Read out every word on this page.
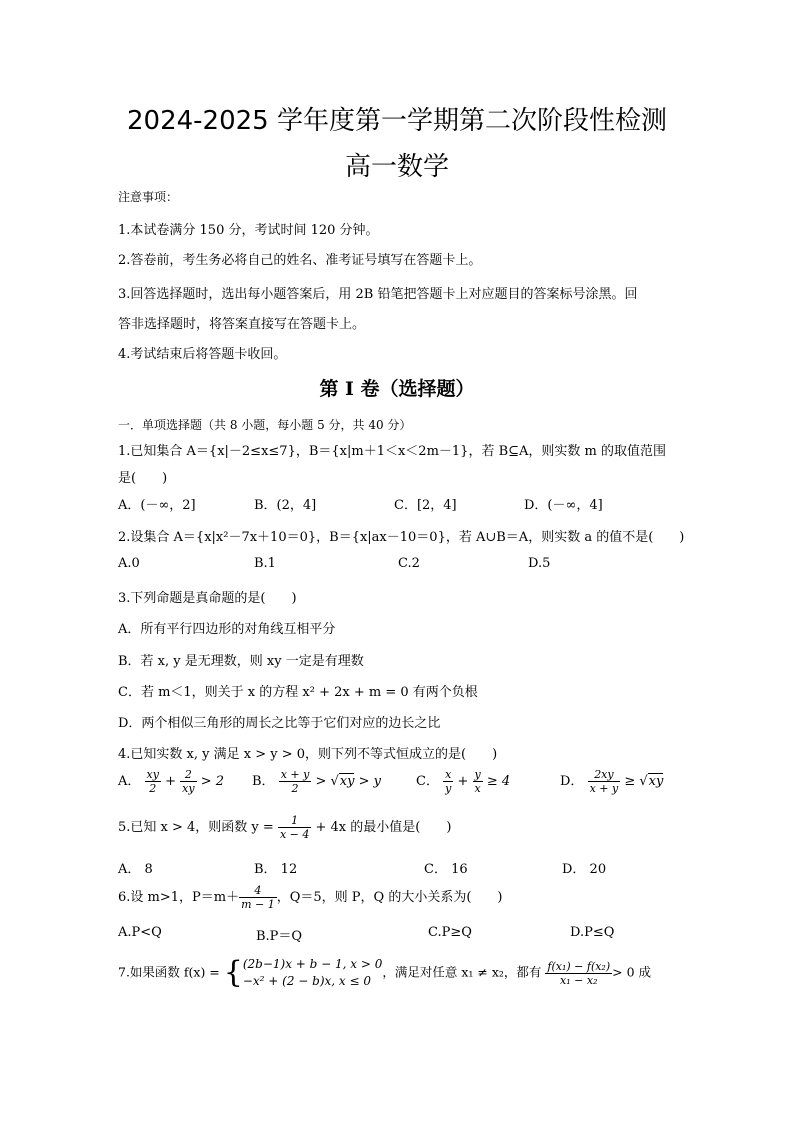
2024-2025 学年度第一学期第二次阶段性检测
高一数学
注意事项：
1.本试卷满分 150 分，考试时间 120 分钟。
2.答卷前，考生务必将自己的姓名、准考证号填写在答题卡上。
3.回答选择题时，选出每小题答案后，用 2B 铅笔把答题卡上对应题目的答案标号涂黑。回
答非选择题时，将答案直接写在答题卡上。
4.考试结束后将答题卡收回。
第 I 卷（选择题）
一．单项选择题（共 8 小题，每小题 5 分，共 40 分）
1.已知集合 A＝{x|－2≤x≤7}，B＝{x|m＋1＜x＜2m－1}，若 B⊆A，则实数 m 的取值范围
是(　　)
A．(－∞，2]	B．(2，4]	C．[2，4]	D．(－∞，4]
2.设集合 A＝{x|x²－7x＋10＝0}，B＝{x|ax－10＝0}，若 A∪B＝A，则实数 a 的值不是(　　)
A.0	B.1	C.2	D.5
3.下列命题是真命题的是(　　)
A．所有平行四边形的对角线互相平分
B．若 x, y 是无理数，则 xy 一定是有理数
C．若 m＜1，则关于 x 的方程 x² + 2x + m = 0 有两个负根
D．两个相似三角形的周长之比等于它们对应的边长之比
4.已知实数 x, y 满足 x > y > 0，则下列不等式恒成立的是(　　)
A． $\frac{xy}{2} + \frac{2}{xy} > 2$ B． $\frac{x + y}{2} > √xy > y$	C． $\frac{x}{y} + \frac{y}{x} \ge 4$	D． $\frac{2xy}{x + y} \ge √xy$
5.已知 x > 4，则函数 $y = \frac{1}{x - 4} + 4x$ 的最小值是(　　)
A． 8	B． 12	C． 16	D． 20
6.设 m>1，$P=m+ \frac{4}{m - 1}$ ，Q＝5，则 P，Q 的大小关系为(　　)
A.P<Q	B.P＝Q	C.P≥Q	D.P≤Q
7.如果函数 f(x) = { (2b−1)x + b − 1, x > 0
−x² + (2 − b)x, x ≤ 0
，满足对任意 x₁ ≠ x₂，都有 $\frac{\text{f(x₁) − f(x₂)}}{\text{x₁ − x₂}} > 0$ 成
